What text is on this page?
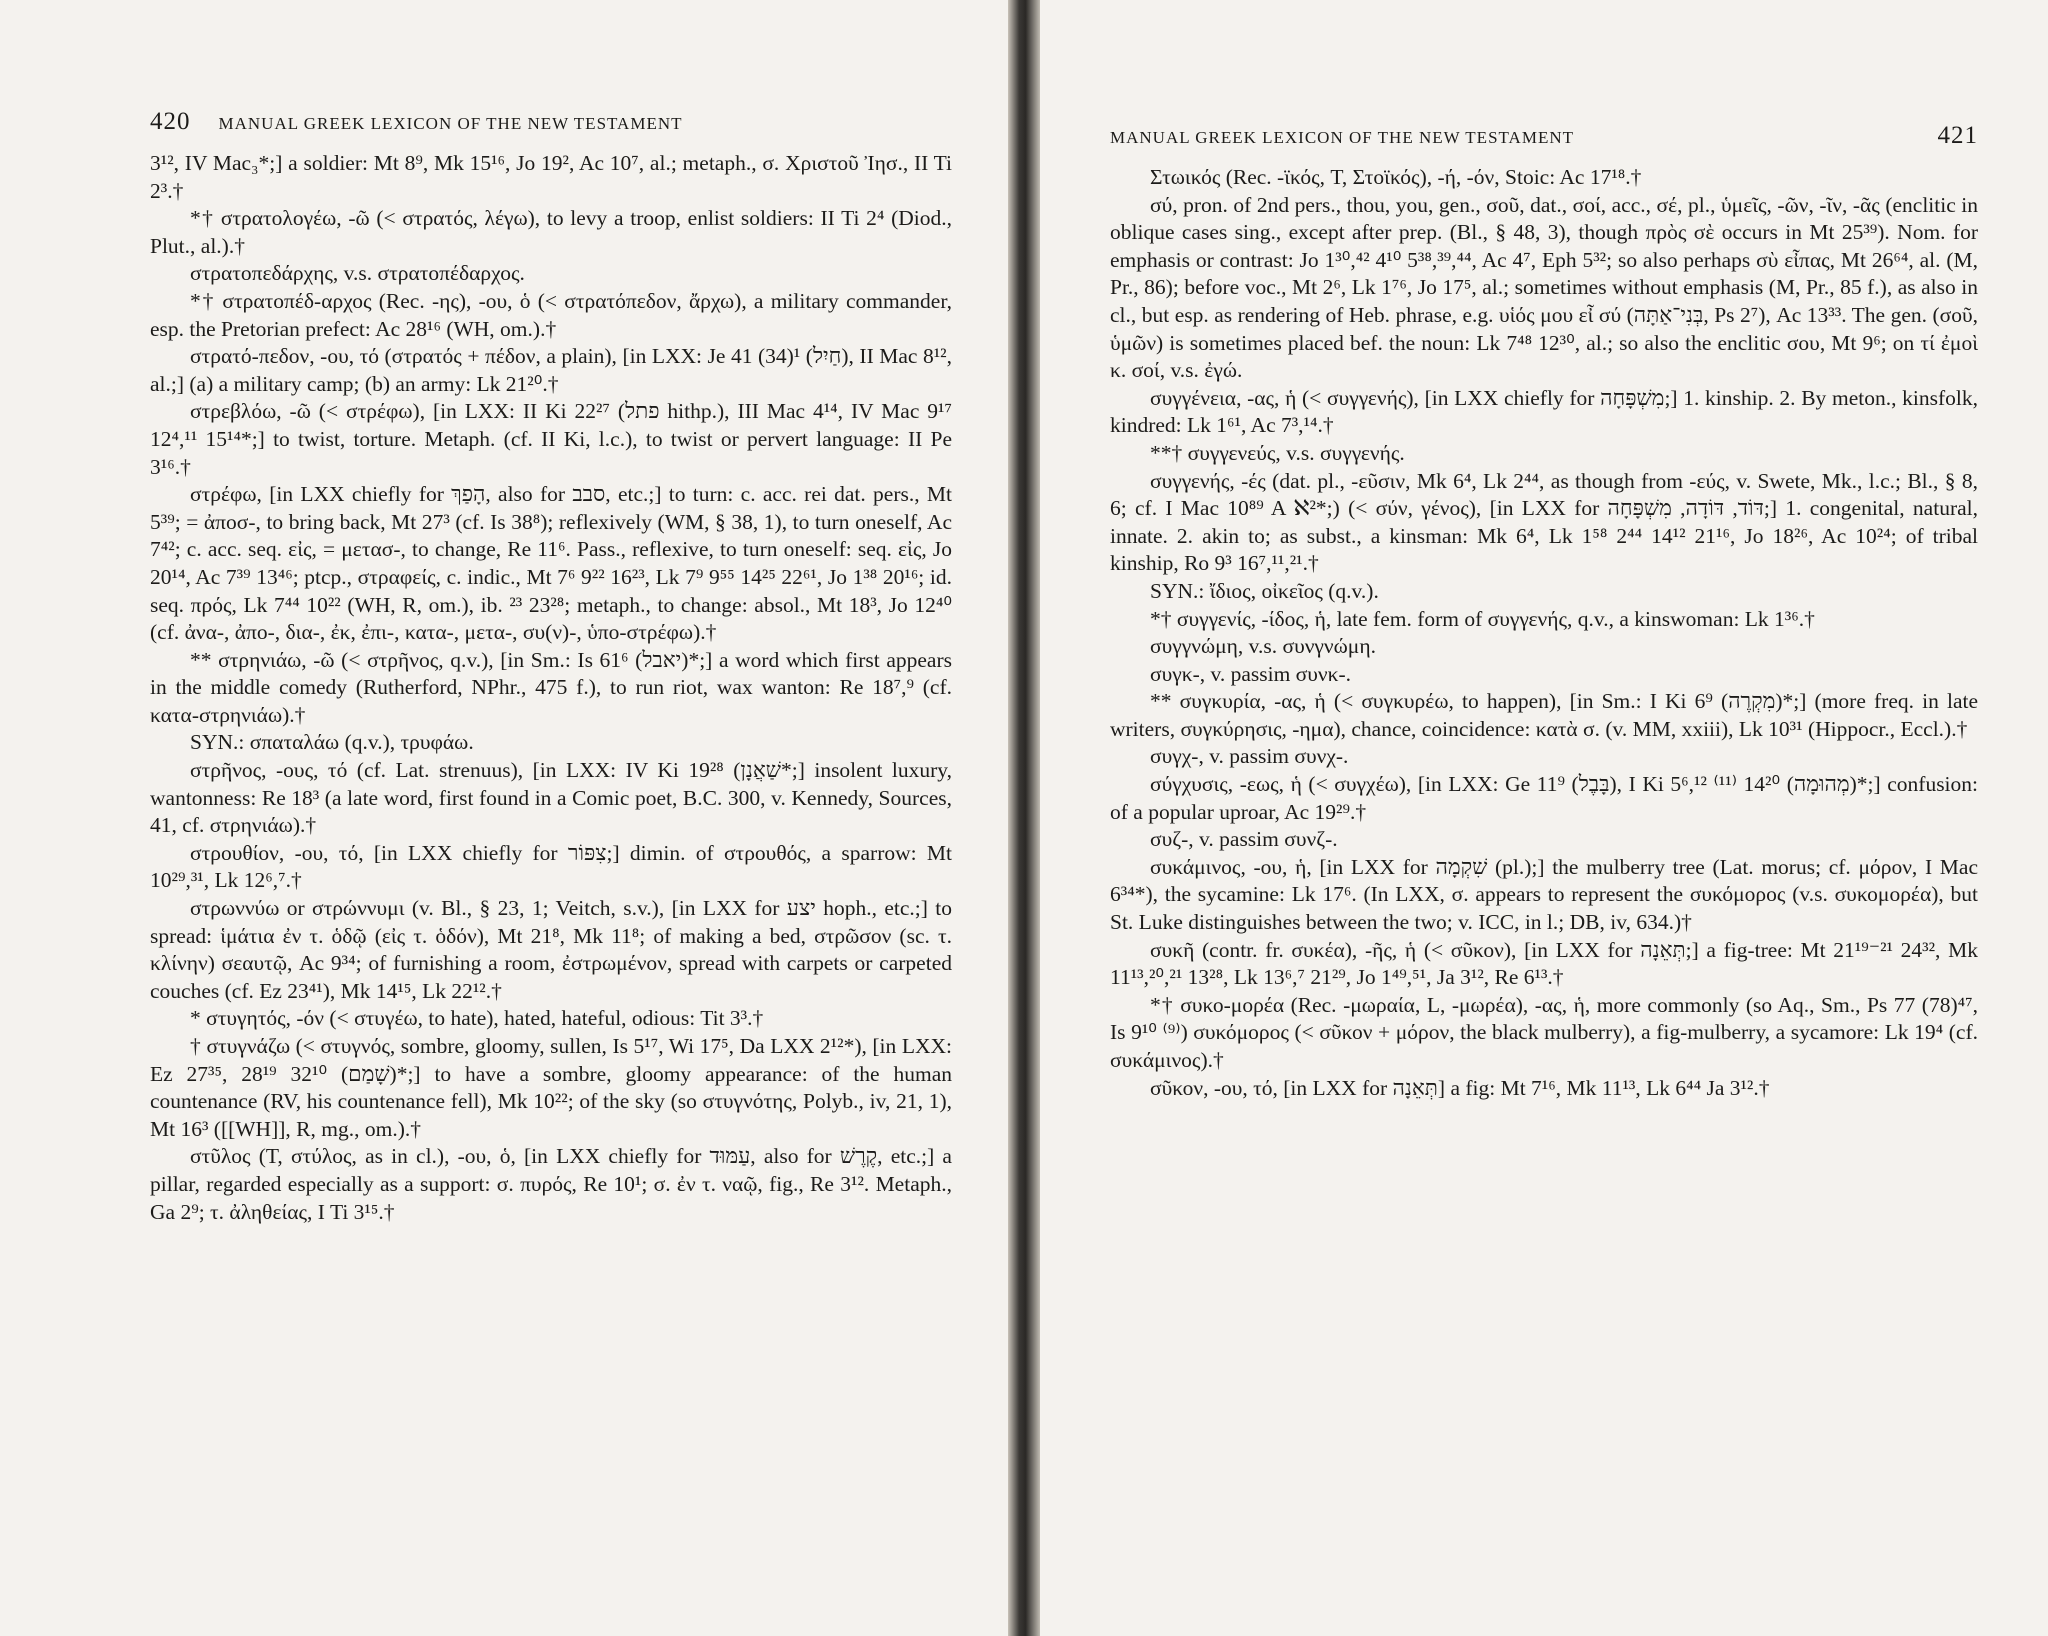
420 MANUAL GREEK LEXICON OF THE NEW TESTAMENT

3¹², IV Mac₃*;] a soldier: Mt 8⁹, Mk 15¹⁶, Jo 19², Ac 10⁷, al.; metaph., σ. Χριστοῦ Ἰησ., II Ti 2³.†

*† στρατολογέω, -ῶ (< στρατός, λέγω), to levy a troop, enlist soldiers: II Ti 2⁴ (Diod., Plut., al.).†

στρατοπεδάρχης, v.s. στρατοπέδαρχος.

*† στρατοπέδ-αρχος (Rec. -ης), -ου, ὁ (< στρατόπεδον, ἄρχω), a military commander, esp. the Pretorian prefect: Ac 28¹⁶ (WH, om.).†

στρατό-πεδον, -ου, τό (στρατός + πέδον, a plain), [in LXX: Je 41 (34)¹ (חַיִל), II Mac 8¹², al.;] (a) a military camp; (b) an army: Lk 21²⁰.†

στρεβλόω, -ῶ (< στρέφω), [in LXX: II Ki 22²⁷ (פתל hithp.), III Mac 4¹⁴, IV Mac 9¹⁷ 12⁴,¹¹ 15¹⁴*;] to twist, torture. Metaph. (cf. II Ki, l.c.), to twist or pervert language: II Pe 3¹⁶.†

στρέφω, [in LXX chiefly for הָפַךְ, also for סבב, etc.;] to turn: c. acc. rei dat. pers., Mt 5³⁹; = ἀποσ-, to bring back, Mt 27³ (cf. Is 38⁸); reflexively (WM, § 38, 1), to turn oneself, Ac 7⁴²; c. acc. seq. εἰς, = μετασ-, to change, Re 11⁶. Pass., reflexive, to turn oneself: seq. εἰς, Jo 20¹⁴, Ac 7³⁹ 13⁴⁶; ptcp., στραφείς, c. indic., Mt 7⁶ 9²² 16²³, Lk 7⁹ 9⁵⁵ 14²⁵ 22⁶¹, Jo 1³⁸ 20¹⁶; id. seq. πρός, Lk 7⁴⁴ 10²² (WH, R, om.), ib. ²³ 23²⁸; metaph., to change: absol., Mt 18³, Jo 12⁴⁰ (cf. ἀνα-, ἀπο-, δια-, ἐκ, ἐπι-, κατα-, μετα-, συ(ν)-, ὑπο-στρέφω).†

** στρηνιάω, -ῶ (< στρῆνος, q.v.), [in Sm.: Is 61⁶ (יאבל)*;] a word which first appears in the middle comedy (Rutherford, NPhr., 475 f.), to run riot, wax wanton: Re 18⁷,⁹ (cf. κατα-στρηνιάω).†

SYN.: σπαταλάω (q.v.), τρυφάω.

στρῆνος, -ους, τό (cf. Lat. strenuus), [in LXX: IV Ki 19²⁸ (שַׁאֲנָן*;] insolent luxury, wantonness: Re 18³ (a late word, first found in a Comic poet, B.C. 300, v. Kennedy, Sources, 41, cf. στρηνιάω).†

στρουθίον, -ου, τό, [in LXX chiefly for צִפּוֹר;] dimin. of στρουθός, a sparrow: Mt 10²⁹,³¹, Lk 12⁶,⁷.†

στρωννύω or στρώννυμι (v. Bl., § 23, 1; Veitch, s.v.), [in LXX for יצע hoph., etc.;] to spread: ἱμάτια ἐν τ. ὁδῷ (εἰς τ. ὁδόν), Mt 21⁸, Mk 11⁸; of making a bed, στρῶσον (sc. τ. κλίνην) σεαυτῷ, Ac 9³⁴; of furnishing a room, ἐστρωμένον, spread with carpets or carpeted couches (cf. Ez 23⁴¹), Mk 14¹⁵, Lk 22¹².†

* στυγητός, -όν (< στυγέω, to hate), hated, hateful, odious: Tit 3³.†

† στυγνάζω (< στυγνός, sombre, gloomy, sullen, Is 5¹⁷, Wi 17⁵, Da LXX 2¹²*), [in LXX: Ez 27³⁵, 28¹⁹ 32¹⁰ (שָׁמַם)*;] to have a sombre, gloomy appearance: of the human countenance (RV, his countenance fell), Mk 10²²; of the sky (so στυγνότης, Polyb., iv, 21, 1), Mt 16³ ([[WH]], R, mg., om.).†

στῦλος (T, στύλος, as in cl.), -ου, ὁ, [in LXX chiefly for עַמּוּד, also for קֶרֶשׁ, etc.;] a pillar, regarded especially as a support: σ. πυρός, Re 10¹; σ. ἐν τ. ναῷ, fig., Re 3¹². Metaph., Ga 2⁹; τ. ἀληθείας, I Ti 3¹⁵.†

MANUAL GREEK LEXICON OF THE NEW TESTAMENT	421

Στωικός (Rec. -ϊκός, T, Στοϊκός), -ή, -όν, Stoic: Ac 17¹⁸.†

σύ, pron. of 2nd pers., thou, you, gen., σοῦ, dat., σοί, acc., σέ, pl., ὑμεῖς, -ῶν, -ῖν, -ᾶς (enclitic in oblique cases sing., except after prep. (Bl., § 48, 3), though πρὸς σὲ occurs in Mt 25³⁹). Nom. for emphasis or contrast: Jo 1³⁰,⁴² 4¹⁰ 5³⁸,³⁹,⁴⁴, Ac 4⁷, Eph 5³²; so also perhaps σὺ εἶπας, Mt 26⁶⁴, al. (M, Pr., 86); before voc., Mt 2⁶, Lk 1⁷⁶, Jo 17⁵, al.; sometimes without emphasis (M, Pr., 85 f.), as also in cl., but esp. as rendering of Heb. phrase, e.g. υἱός μου εἶ σύ (בְּנִי־אַתָּה, Ps 2⁷), Ac 13³³. The gen. (σοῦ, ὑμῶν) is sometimes placed bef. the noun: Lk 7⁴⁸ 12³⁰, al.; so also the enclitic σου, Mt 9⁶; on τί ἐμοὶ κ. σοί, v.s. ἐγώ.

συγγένεια, -ας, ἡ (< συγγενής), [in LXX chiefly for מִשְׁפָּחָה;] 1. kinship. 2. By meton., kinsfolk, kindred: Lk 1⁶¹, Ac 7³,¹⁴.†

**† συγγενεύς, v.s. συγγενής.

συγγενής, -ές (dat. pl., -εῦσιν, Mk 6⁴, Lk 2⁴⁴, as though from -εύς, v. Swete, Mk., l.c.; Bl., § 8, 6; cf. I Mac 10⁸⁹ A ℵ²*;) (< σύν, γένος), [in LXX for דּוֹד, דּוֹדָה, מִשְׁפָּחָה;] 1. congenital, natural, innate. 2. akin to; as subst., a kinsman: Mk 6⁴, Lk 1⁵⁸ 2⁴⁴ 14¹² 21¹⁶, Jo 18²⁶, Ac 10²⁴; of tribal kinship, Ro 9³ 16⁷,¹¹,²¹.†

SYN.: ἴδιος, οἰκεῖος (q.v.).

*† συγγενίς, -ίδος, ἡ, late fem. form of συγγενής, q.v., a kinswoman: Lk 1³⁶.†

συγγνώμη, v.s. συνγνώμη.

συγκ-, v. passim συνκ-.

** συγκυρία, -ας, ἡ (< συγκυρέω, to happen), [in Sm.: I Ki 6⁹ (מִקְרֶה)*;] (more freq. in late writers, συγκύρησις, -ημα), chance, coincidence: κατὰ σ. (v. MM, xxiii), Lk 10³¹ (Hippocr., Eccl.).†

συγχ-, v. passim συνχ-.

σύγχυσις, -εως, ἡ (< συγχέω), [in LXX: Ge 11⁹ (בָּבֶל), I Ki 5⁶,¹² ⁽¹¹⁾ 14²⁰ (מְהוּמָה)*;] confusion: of a popular uproar, Ac 19²⁹.†

συζ-, v. passim συνζ-.

συκάμινος, -ου, ἡ, [in LXX for שִׁקְמָה (pl.);] the mulberry tree (Lat. morus; cf. μόρον, I Mac 6³⁴*), the sycamine: Lk 17⁶. (In LXX, σ. appears to represent the συκόμορος (v.s. συκομορέα), but St. Luke distinguishes between the two; v. ICC, in l.; DB, iv, 634.)†

συκῆ (contr. fr. συκέα), -ῆς, ἡ (< σῦκον), [in LXX for תְּאֵנָה;] a fig-tree: Mt 21¹⁹⁻²¹ 24³², Mk 11¹³,²⁰,²¹ 13²⁸, Lk 13⁶,⁷ 21²⁹, Jo 1⁴⁹,⁵¹, Ja 3¹², Re 6¹³.†

*† συκο-μορέα (Rec. -μωραία, L, -μωρέα), -ας, ἡ, more commonly (so Aq., Sm., Ps 77 (78)⁴⁷, Is 9¹⁰ ⁽⁹⁾) συκόμορος (< σῦκον + μόρον, the black mulberry), a fig-mulberry, a sycamore: Lk 19⁴ (cf. συκάμινος).†

σῦκον, -ου, τό, [in LXX for תְּאֵנָה] a fig: Mt 7¹⁶, Mk 11¹³, Lk 6⁴⁴ Ja 3¹².†
